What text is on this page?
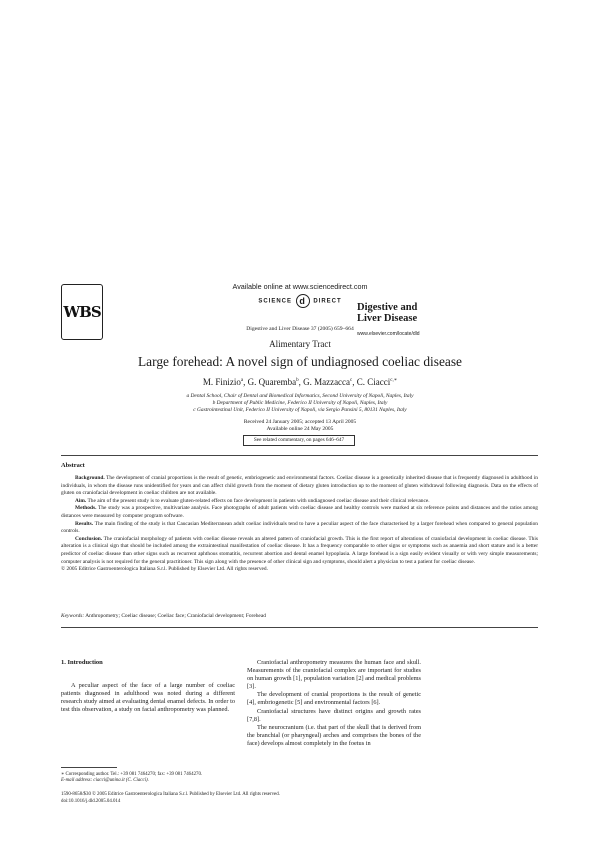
WBS
Available online at www.sciencedirect.com
SCIENCE d DIRECT
Digestive and Liver Disease 37 (2005) 659–664
Digestive and Liver Disease
www.elsevier.com/locate/dld
Alimentary Tract
Large forehead: A novel sign of undiagnosed coeliac disease
M. Finizio$^a$, G. Quaremba$^b$, G. Mazzacca$^c$, C. Ciacci$^{c,∗}$
a Dental School, Chair of Dental and Biomedical Informatics, Second University of Napoli, Naples, Italy
b Department of Public Medicine, Federico II University of Napoli, Naples, Italy
c Gastrointestinal Unit, Federico II University of Napoli, via Sergio Pansini 5, 80131 Naples, Italy
Received 24 January 2005; accepted 13 April 2005
Available online 24 May 2005
See related commentary, on pages 646–647
Abstract

Background. The development of cranial proportions is the result of genetic, embriogenetic and environmental factors. Coeliac disease is a genetically inherited disease that is frequently diagnosed in adulthood in individuals, in whom the disease runs unidentified for years and can affect child growth from the moment of dietary gluten introduction up to the moment of gluten withdrawal following diagnosis. Data on the effects of gluten on craniofacial development in coeliac children are not available.

Aim. The aim of the present study is to evaluate gluten-related effects on face development in patients with undiagnosed coeliac disease and their clinical relevance.

Methods. The study was a prospective, multivariate analysis. Face photographs of adult patients with coeliac disease and healthy controls were marked at six reference points and distances and the ratios among distances were measured by computer program software.

Results. The main finding of the study is that Caucasian Mediterranean adult coeliac individuals tend to have a peculiar aspect of the face characterised by a larger forehead when compared to general population controls.

Conclusion. The craniofacial morphology of patients with coeliac disease reveals an altered pattern of craniofacial growth. This is the first report of alterations of craniofacial development in coeliac disease. This alteration is a clinical sign that should be included among the extraintestinal manifestation of coeliac disease. It has a frequency comparable to other signs or symptoms such as anaemia and short stature and is a better predictor of coeliac disease than other signs such as recurrent aphthous stomatitis, recurrent abortion and dental enamel hypoplasia. A large forehead is a sign easily evident visually or with very simple measurements; computer analysis is not required for the general practitioner. This sign along with the presence of other clinical sign and symptoms, should alert a physician to test a patient for coeliac disease.

© 2005 Editrice Gastroenterologica Italiana S.r.l. Published by Elsevier Ltd. All rights reserved.

Keywords: Anthropometry; Coeliac disease; Coeliac face; Craniofacial development; Forehead
1. Introduction

A peculiar aspect of the face of a large number of coeliac patients diagnosed in adulthood was noted during a different research study aimed at evaluating dental enamel defects. In order to test this observation, a study on facial anthropometry was planned.

Craniofacial anthropometry measures the human face and skull. Measurements of the craniofacial complex are important for studies on human growth [1], population variation [2] and medical problems [3].

The development of cranial proportions is the result of genetic [4], embriogenetic [5] and environmental factors [6].

Craniofacial structures have distinct origins and growth rates [7,8].

The neurocranium (i.e. that part of the skull that is derived from the branchial (or pharyngeal) arches and comprises the bones of the face) develops almost completely in the foetus in

∗ Corresponding author. Tel.: +39 081 7464270; fax: +39 081 7464270.
E-mail address: ciacci@unina.it (C. Ciacci).
1590-8658/$30 © 2005 Editrice Gastroenterologica Italiana S.r.l. Published by Elsevier Ltd. All rights reserved.
doi:10.1016/j.dld.2005.04.014
